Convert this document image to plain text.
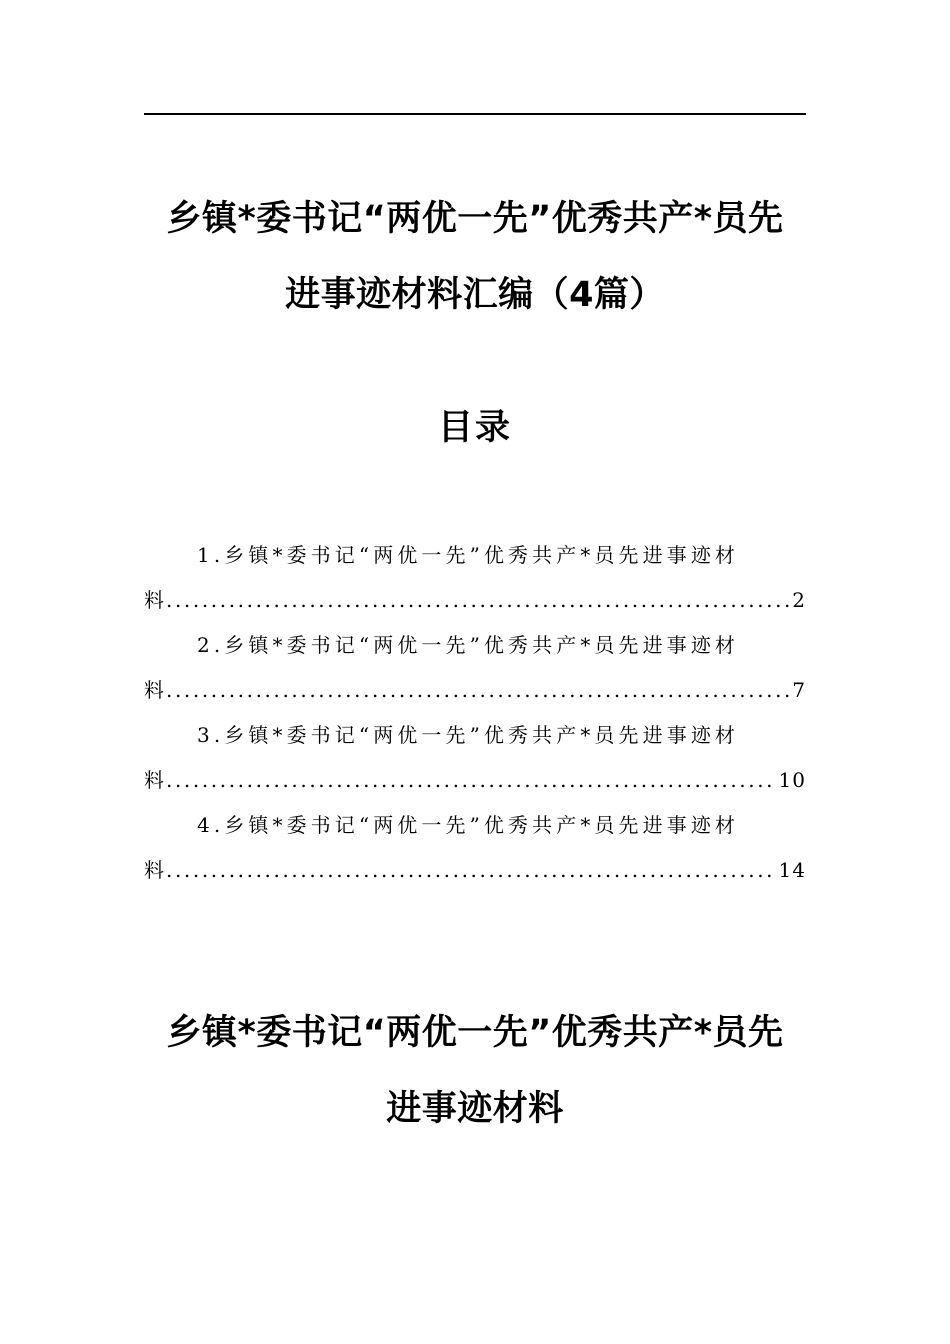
乡镇*委书记“两优一先”优秀共产*员先
进事迹材料汇编（4篇）
目录
1.乡镇*委书记“两优一先”优秀共产*员先进事迹材
料 .....	2
2.乡镇*委书记“两优一先”优秀共产*员先进事迹材
料 .....	7
3.乡镇*委书记“两优一先”优秀共产*员先进事迹材
料 .....	10
4.乡镇*委书记“两优一先”优秀共产*员先进事迹材
料 .....	14
乡镇*委书记“两优一先”优秀共产*员先
进事迹材料
